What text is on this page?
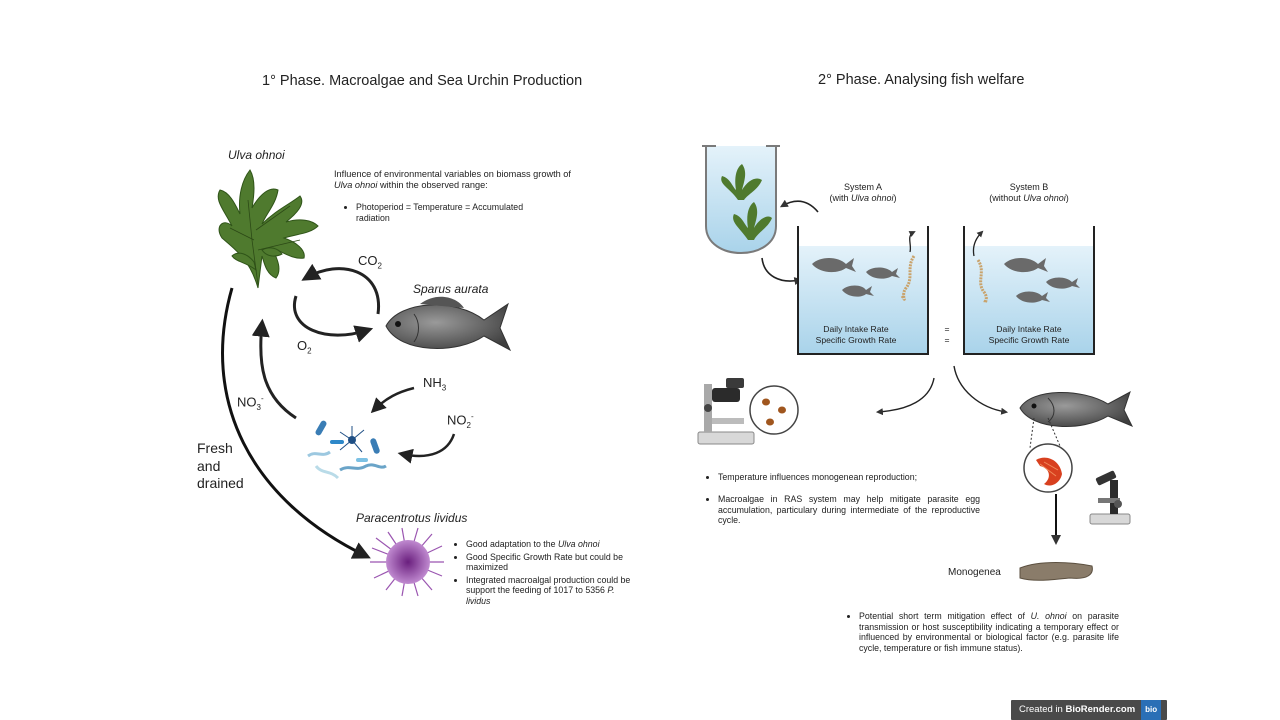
1° Phase. Macroalgae and Sea Urchin Production	2° Phase. Analysing fish welfare
Ulva ohnoi
Influence of environmental variables on biomass growth of Ulva ohnoi within the observed range:
• Photoperiod = Temperature = Accumulated radiation
$CO_2$
$O_2$
Sparus aurata
$NH_3$
$NO_3^-$
$NO_2^-$
Fresh
and
drained
Paracentrotus lividus
• Good adaptation to the Ulva ohnoi
• Good Specific Growth Rate but could be maximized
• Integrated macroalgal production could be support the feeding of 1017 to 5356 P. lividus
System A
(with Ulva ohnoi)
System B
(without Ulva ohnoi)
Daily Intake Rate
Specific Growth Rate
Daily Intake Rate
Specific Growth Rate
=
=
• Temperature influences monogenean reproduction;
• Macroalgae in RAS system may help mitigate parasite egg accumulation, particulary during intermediate of the reproductive cycle.
Monogenea
• Potential short term mitigation effect of U. ohnoi on parasite transmission or host susceptibility indicating a temporary effect or influenced by environmental or biological factor (e.g. parasite life cycle, temperature or fish immune status).
Created in BioRender.com bio
